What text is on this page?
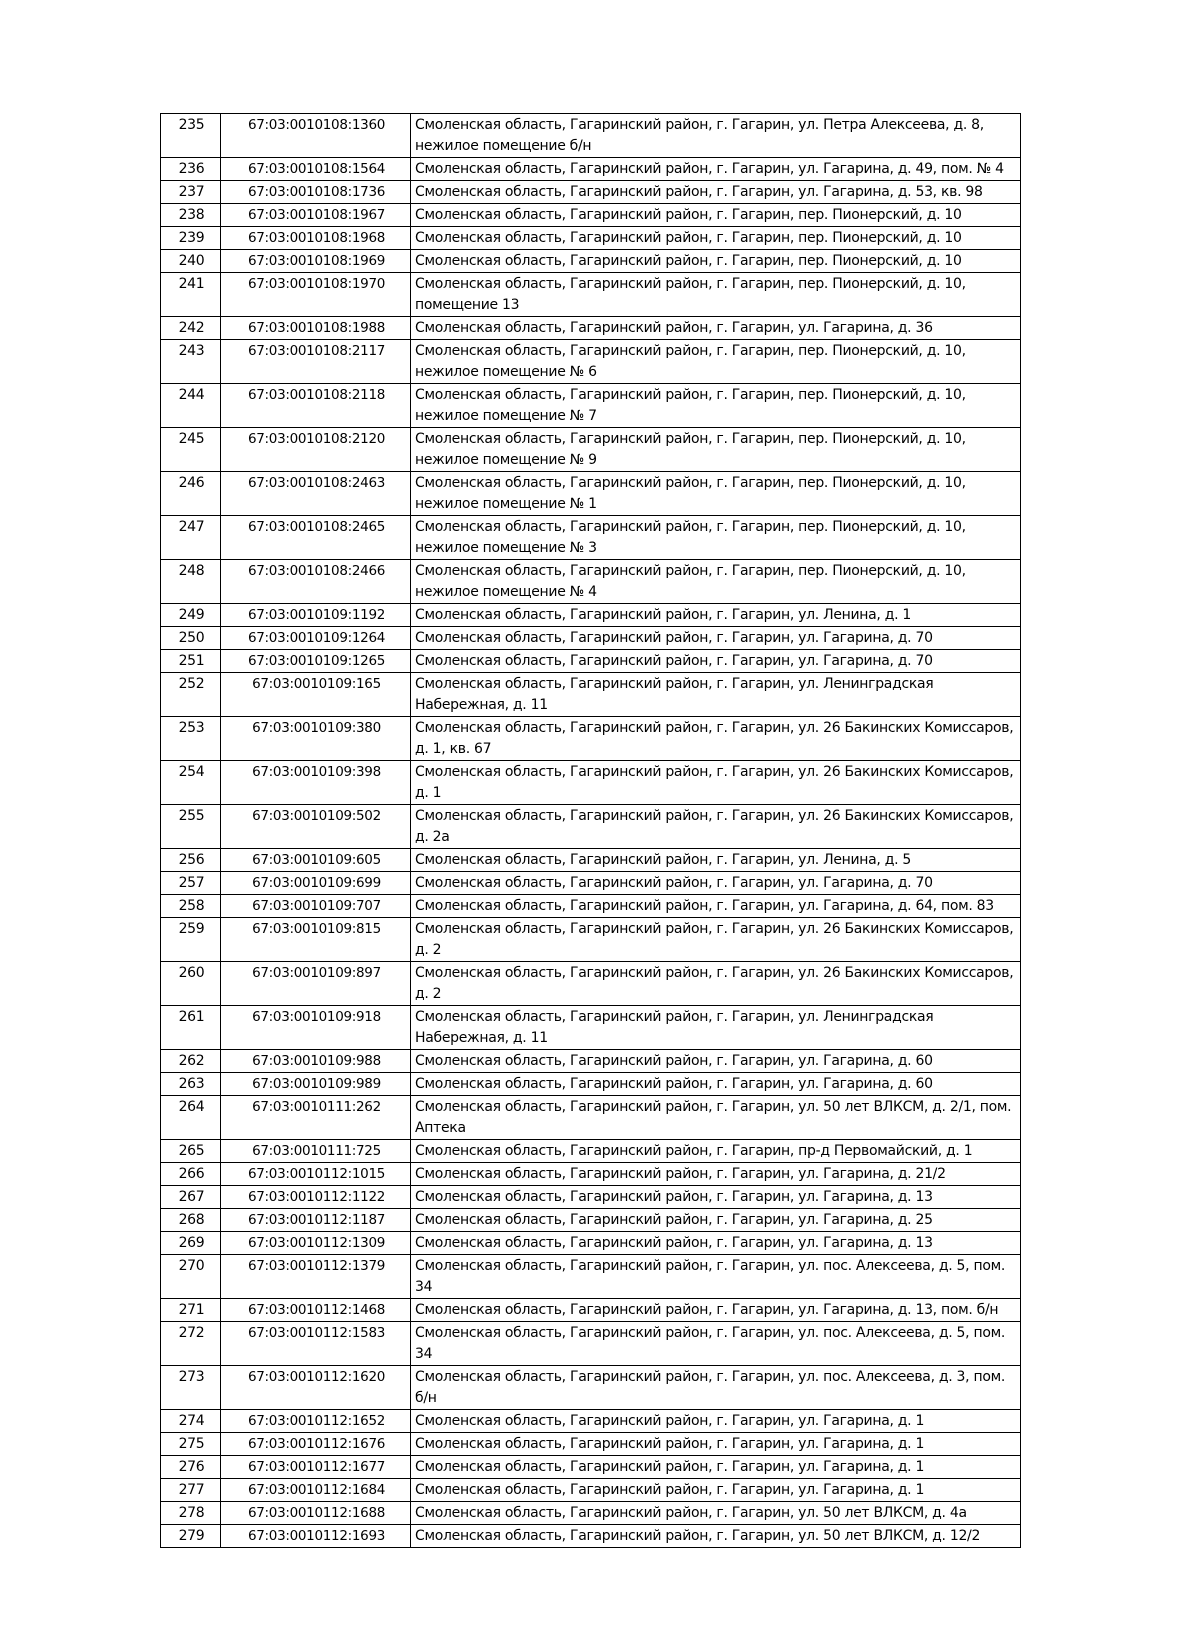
235	67:03:0010108:1360	Смоленская область, Гагаринский район, г. Гагарин, ул. Петра Алексеева, д. 8, нежилое помещение б/н
236	67:03:0010108:1564	Смоленская область, Гагаринский район, г. Гагарин, ул. Гагарина, д. 49, пом. № 4
237	67:03:0010108:1736	Смоленская область, Гагаринский район, г. Гагарин, ул. Гагарина, д. 53, кв. 98
238	67:03:0010108:1967	Смоленская область, Гагаринский район, г. Гагарин, пер. Пионерский, д. 10
239	67:03:0010108:1968	Смоленская область, Гагаринский район, г. Гагарин, пер. Пионерский, д. 10
240	67:03:0010108:1969	Смоленская область, Гагаринский район, г. Гагарин, пер. Пионерский, д. 10
241	67:03:0010108:1970	Смоленская область, Гагаринский район, г. Гагарин, пер. Пионерский, д. 10, помещение 13
242	67:03:0010108:1988	Смоленская область, Гагаринский район, г. Гагарин, ул. Гагарина, д. 36
243	67:03:0010108:2117	Смоленская область, Гагаринский район, г. Гагарин, пер. Пионерский, д. 10, нежилое помещение № 6
244	67:03:0010108:2118	Смоленская область, Гагаринский район, г. Гагарин, пер. Пионерский, д. 10, нежилое помещение № 7
245	67:03:0010108:2120	Смоленская область, Гагаринский район, г. Гагарин, пер. Пионерский, д. 10, нежилое помещение № 9
246	67:03:0010108:2463	Смоленская область, Гагаринский район, г. Гагарин, пер. Пионерский, д. 10, нежилое помещение № 1
247	67:03:0010108:2465	Смоленская область, Гагаринский район, г. Гагарин, пер. Пионерский, д. 10, нежилое помещение № 3
248	67:03:0010108:2466	Смоленская область, Гагаринский район, г. Гагарин, пер. Пионерский, д. 10, нежилое помещение № 4
249	67:03:0010109:1192	Смоленская область, Гагаринский район, г. Гагарин, ул. Ленина, д. 1
250	67:03:0010109:1264	Смоленская область, Гагаринский район, г. Гагарин, ул. Гагарина, д. 70
251	67:03:0010109:1265	Смоленская область, Гагаринский район, г. Гагарин, ул. Гагарина, д. 70
252	67:03:0010109:165	Смоленская область, Гагаринский район, г. Гагарин, ул. Ленинградская Набережная, д. 11
253	67:03:0010109:380	Смоленская область, Гагаринский район, г. Гагарин, ул. 26 Бакинских Комиссаров, д. 1, кв. 67
254	67:03:0010109:398	Смоленская область, Гагаринский район, г. Гагарин, ул. 26 Бакинских Комиссаров, д. 1
255	67:03:0010109:502	Смоленская область, Гагаринский район, г. Гагарин, ул. 26 Бакинских Комиссаров, д. 2а
256	67:03:0010109:605	Смоленская область, Гагаринский район, г. Гагарин, ул. Ленина, д. 5
257	67:03:0010109:699	Смоленская область, Гагаринский район, г. Гагарин, ул. Гагарина, д. 70
258	67:03:0010109:707	Смоленская область, Гагаринский район, г. Гагарин, ул. Гагарина, д. 64, пом. 83
259	67:03:0010109:815	Смоленская область, Гагаринский район, г. Гагарин, ул. 26 Бакинских Комиссаров, д. 2
260	67:03:0010109:897	Смоленская область, Гагаринский район, г. Гагарин, ул. 26 Бакинских Комиссаров, д. 2
261	67:03:0010109:918	Смоленская область, Гагаринский район, г. Гагарин, ул. Ленинградская Набережная, д. 11
262	67:03:0010109:988	Смоленская область, Гагаринский район, г. Гагарин, ул. Гагарина, д. 60
263	67:03:0010109:989	Смоленская область, Гагаринский район, г. Гагарин, ул. Гагарина, д. 60
264	67:03:0010111:262	Смоленская область, Гагаринский район, г. Гагарин, ул. 50 лет ВЛКСМ, д. 2/1, пом. Аптека
265	67:03:0010111:725	Смоленская область, Гагаринский район, г. Гагарин, пр-д Первомайский, д. 1
266	67:03:0010112:1015	Смоленская область, Гагаринский район, г. Гагарин, ул. Гагарина, д. 21/2
267	67:03:0010112:1122	Смоленская область, Гагаринский район, г. Гагарин, ул. Гагарина, д. 13
268	67:03:0010112:1187	Смоленская область, Гагаринский район, г. Гагарин, ул. Гагарина, д. 25
269	67:03:0010112:1309	Смоленская область, Гагаринский район, г. Гагарин, ул. Гагарина, д. 13
270	67:03:0010112:1379	Смоленская область, Гагаринский район, г. Гагарин, ул. пос. Алексеева, д. 5, пом. 34
271	67:03:0010112:1468	Смоленская область, Гагаринский район, г. Гагарин, ул. Гагарина, д. 13, пом. б/н
272	67:03:0010112:1583	Смоленская область, Гагаринский район, г. Гагарин, ул. пос. Алексеева, д. 5, пом. 34
273	67:03:0010112:1620	Смоленская область, Гагаринский район, г. Гагарин, ул. пос. Алексеева, д. 3, пом. б/н
274	67:03:0010112:1652	Смоленская область, Гагаринский район, г. Гагарин, ул. Гагарина, д. 1
275	67:03:0010112:1676	Смоленская область, Гагаринский район, г. Гагарин, ул. Гагарина, д. 1
276	67:03:0010112:1677	Смоленская область, Гагаринский район, г. Гагарин, ул. Гагарина, д. 1
277	67:03:0010112:1684	Смоленская область, Гагаринский район, г. Гагарин, ул. Гагарина, д. 1
278	67:03:0010112:1688	Смоленская область, Гагаринский район, г. Гагарин, ул. 50 лет ВЛКСМ, д. 4а
279	67:03:0010112:1693	Смоленская область, Гагаринский район, г. Гагарин, ул. 50 лет ВЛКСМ, д. 12/2
